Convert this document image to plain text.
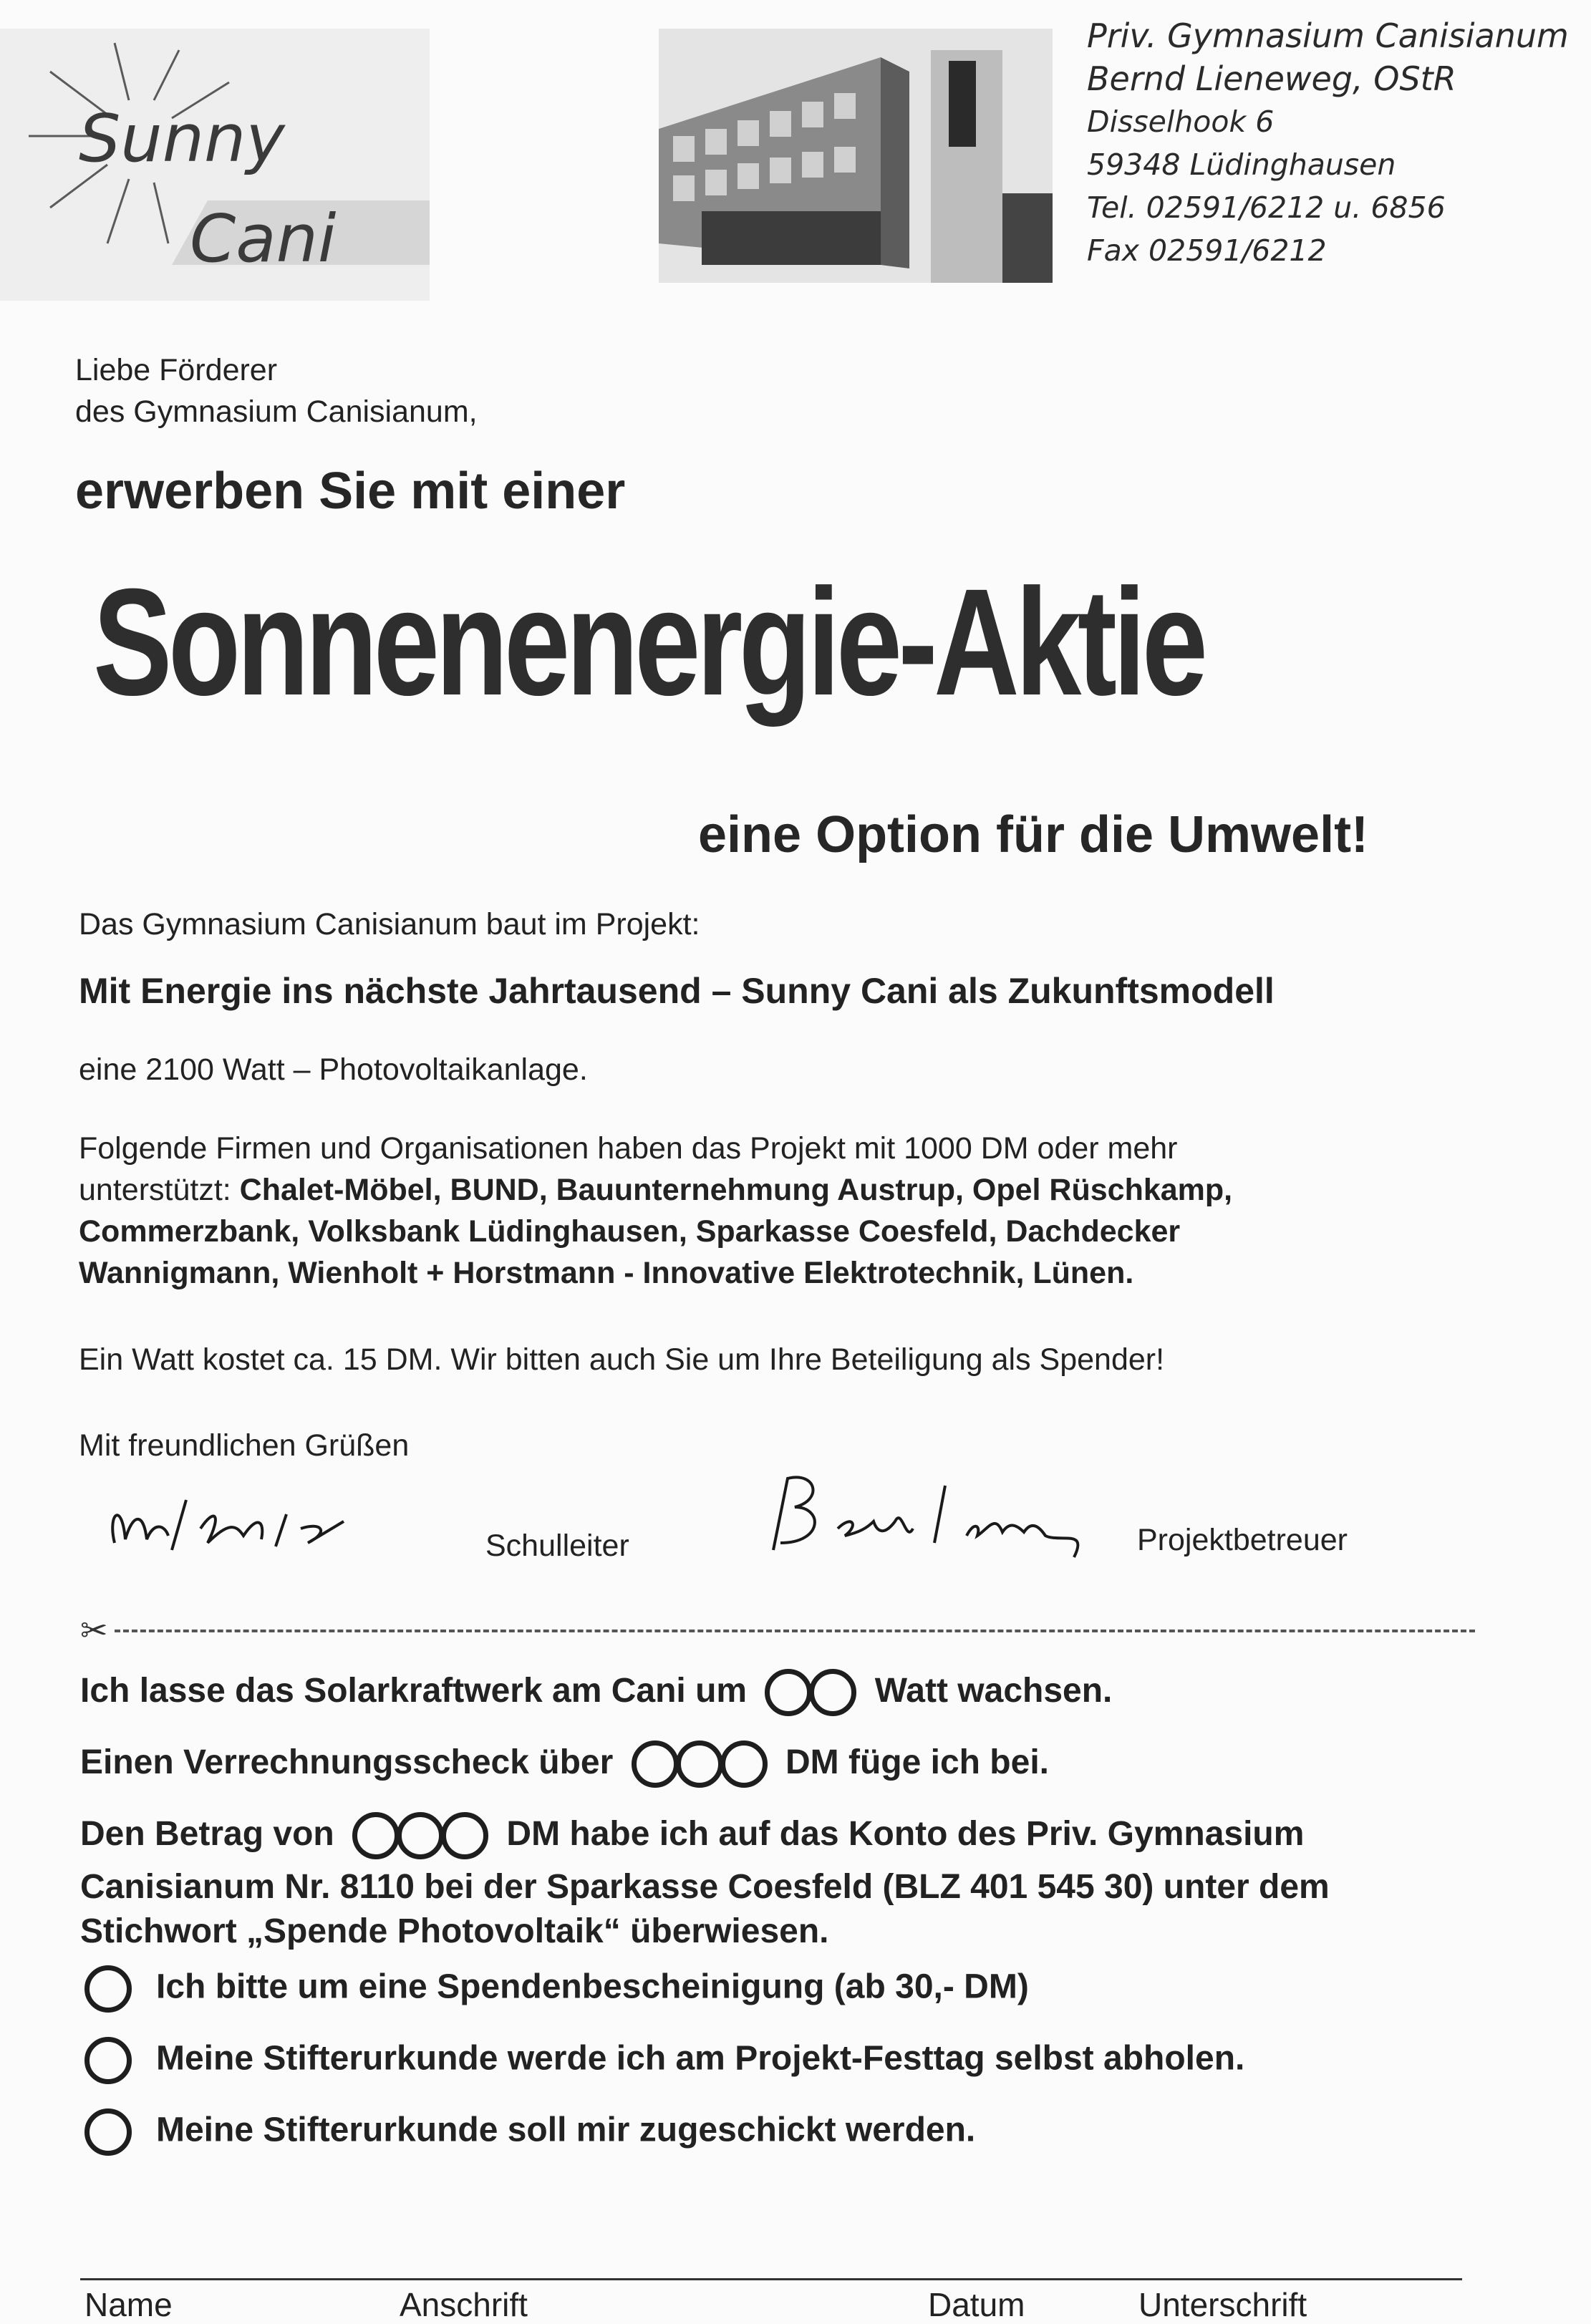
Sunny
Cani
Priv. Gymnasium Canisianum
Bernd Lieneweg, OStR
Disselhook 6
59348 Lüdinghausen
Tel. 02591/6212 u. 6856
Fax 02591/6212
Liebe Förderer
des Gymnasium Canisianum,
erwerben Sie mit einer
Sonnenenergie-Aktie
eine Option für die Umwelt!
Das Gymnasium Canisianum baut im Projekt:
Mit Energie ins nächste Jahrtausend – Sunny Cani als Zukunftsmodell
eine 2100 Watt – Photovoltaikanlage.
Folgende Firmen und Organisationen haben das Projekt mit 1000 DM oder mehr
unterstützt: Chalet-Möbel, BUND, Bauunternehmung Austrup, Opel Rüschkamp,
Commerzbank, Volksbank Lüdinghausen, Sparkasse Coesfeld, Dachdecker
Wannigmann, Wienholt + Horstmann - Innovative Elektrotechnik, Lünen.
Ein Watt kostet ca. 15 DM. Wir bitten auch Sie um Ihre Beteiligung als Spender!
Mit freundlichen Grüßen
Schulleiter	Projektbetreuer
✂
Ich lasse das Solarkraftwerk am Cani um	Watt wachsen.
Einen Verrechnungsscheck über	DM füge ich bei.
Den Betrag von	DM habe ich auf das Konto des Priv. Gymnasium
Canisianum Nr. 8110 bei der Sparkasse Coesfeld (BLZ 401 545 30) unter dem
Stichwort „Spende Photovoltaik“ überwiesen.
Ich bitte um eine Spendenbescheinigung (ab 30,- DM)
Meine Stifterurkunde werde ich am Projekt-Festtag selbst abholen.
Meine Stifterurkunde soll mir zugeschickt werden.
Name	Anschrift	Datum	Unterschrift
